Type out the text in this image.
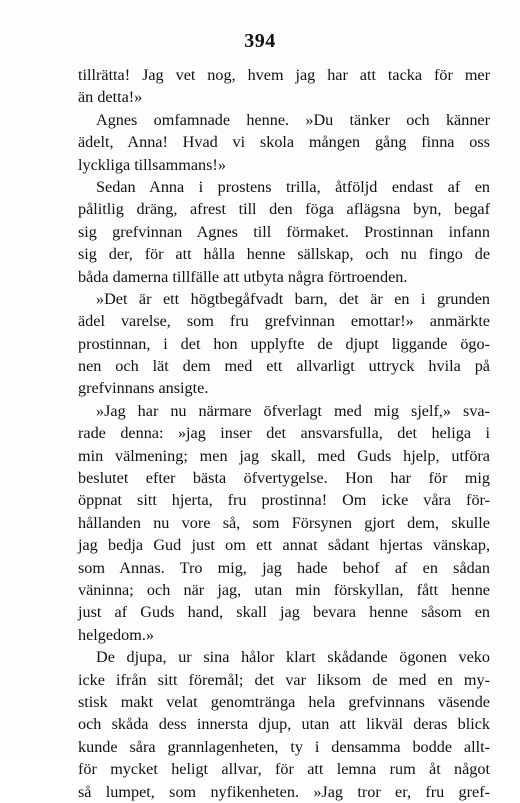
394
tillrätta! Jag vet nog, hvem jag har att tacka för mer
än detta!»
Agnes omfamnade henne. »Du tänker och känner
ädelt, Anna! Hvad vi skola mången gång finna oss
lyckliga tillsammans!»
Sedan Anna i prostens trilla, åtföljd endast af en
pålitlig dräng, afrest till den föga aflägsna byn, begaf
sig grefvinnan Agnes till förmaket. Prostinnan infann
sig der, för att hålla henne sällskap, och nu fingo de
båda damerna tillfälle att utbyta några förtroenden.
»Det är ett högtbegåfvadt barn, det är en i grunden
ädel varelse, som fru grefvinnan emottar!» anmärkte
prostinnan, i det hon upplyfte de djupt liggande ögo-
nen och lät dem med ett allvarligt uttryck hvila på
grefvinnans ansigte.
»Jag har nu närmare öfverlagt med mig sjelf,» sva-
rade denna: »jag inser det ansvarsfulla, det heliga i
min välmening; men jag skall, med Guds hjelp, utföra
beslutet efter bästa öfvertygelse. Hon har för mig
öppnat sitt hjerta, fru prostinna! Om icke våra för-
hållanden nu vore så, som Försynen gjort dem, skulle
jag bedja Gud just om ett annat sådant hjertas vänskap,
som Annas. Tro mig, jag hade behof af en sådan
väninna; och när jag, utan min förskyllan, fått henne
just af Guds hand, skall jag bevara henne såsom en
helgedom.»
De djupa, ur sina hålor klart skådande ögonen veko
icke ifrån sitt föremål; det var liksom de med en my-
stisk makt velat genomtränga hela grefvinnans väsende
och skåda dess innersta djup, utan att likväl deras blick
kunde såra grannlagenheten, ty i densamma bodde allt-
för mycket heligt allvar, för att lemna rum åt något
så lumpet, som nyfikenheten. »Jag tror er, fru gref-
